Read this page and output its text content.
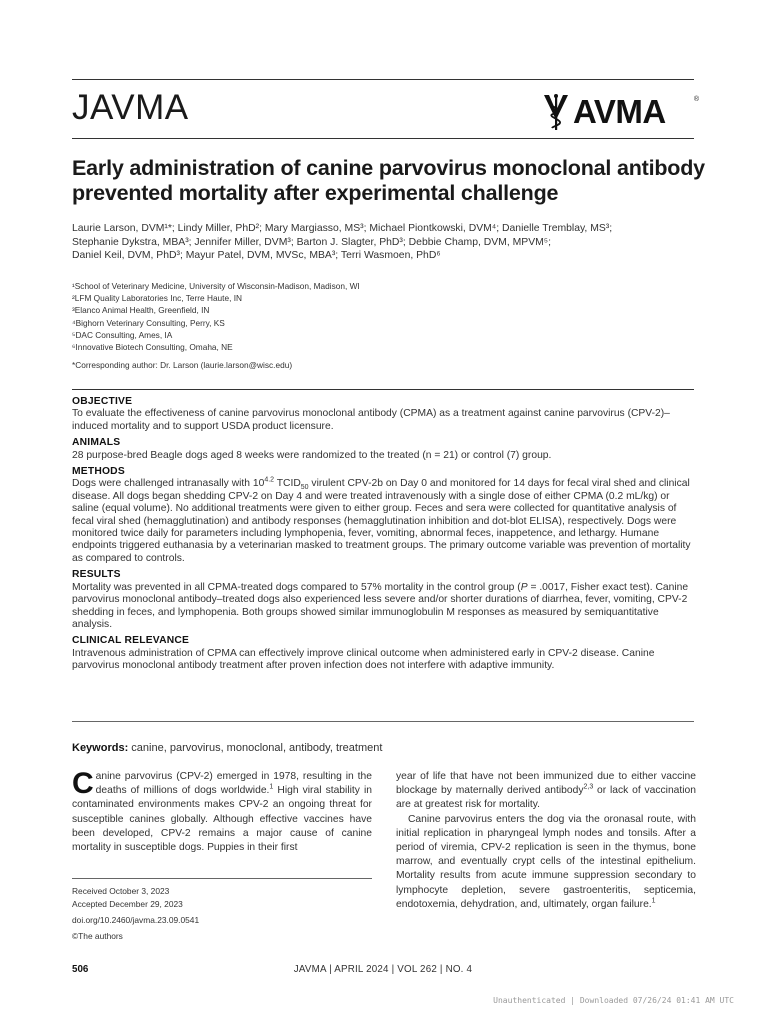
JAVMA	AVMA	®
Early administration of canine parvovirus monoclonal antibody prevented mortality after experimental challenge
Laurie Larson, DVM¹*; Lindy Miller, PhD²; Mary Margiasso, MS³; Michael Piontkowski, DVM⁴; Danielle Tremblay, MS³;
Stephanie Dykstra, MBA³; Jennifer Miller, DVM³; Barton J. Slagter, PhD³; Debbie Champ, DVM, MPVM⁵;
Daniel Keil, DVM, PhD³; Mayur Patel, DVM, MVSc, MBA³; Terri Wasmoen, PhD⁶
¹School of Veterinary Medicine, University of Wisconsin-Madison, Madison, WI
²LFM Quality Laboratories Inc, Terre Haute, IN
³Elanco Animal Health, Greenfield, IN
⁴Bighorn Veterinary Consulting, Perry, KS
⁵DAC Consulting, Ames, IA
⁶Innovative Biotech Consulting, Omaha, NE
*Corresponding author: Dr. Larson (laurie.larson@wisc.edu)
OBJECTIVE

To evaluate the effectiveness of canine parvovirus monoclonal antibody (CPMA) as a treatment against canine parvovirus (CPV-2)–induced mortality and to support USDA product licensure.

ANIMALS

28 purpose-bred Beagle dogs aged 8 weeks were randomized to the treated (n = 21) or control (7) group.

METHODS

Dogs were challenged intranasally with $10^{4.2}$ $TCID_{50}$ virulent CPV-2b on Day 0 and monitored for 14 days for fecal viral shed and clinical disease. All dogs began shedding CPV-2 on Day 4 and were treated intravenously with a single dose of either CPMA (0.2 mL/kg) or saline (equal volume). No additional treatments were given to either group. Feces and sera were collected for quantitative analysis of fecal viral shed (hemagglutination) and antibody responses (hemagglutination inhibition and dot-blot ELISA), respectively. Dogs were monitored twice daily for parameters including lymphopenia, fever, vomiting, abnormal feces, inappetence, and lethargy. Humane endpoints triggered euthanasia by a veterinarian masked to treatment groups. The primary outcome variable was prevention of mortality as compared to controls.

RESULTS

Mortality was prevented in all CPMA-treated dogs compared to 57% mortality in the control group (P = .0017, Fisher exact test). Canine parvovirus monoclonal antibody–treated dogs also experienced less severe and/or shorter durations of diarrhea, fever, vomiting, CPV-2 shedding in feces, and lymphopenia. Both groups showed similar immunoglobulin M responses as measured by semiquantitative analysis.

CLINICAL RELEVANCE

Intravenous administration of CPMA can effectively improve clinical outcome when administered early in CPV-2 disease. Canine parvovirus monoclonal antibody treatment after proven infection does not interfere with adaptive immunity.

Keywords: canine, parvovirus, monoclonal, antibody, treatment

Canine parvovirus (CPV-2) emerged in 1978, resulting in the deaths of millions of dogs worldwide.$^1$ High viral stability in contaminated environments makes CPV-2 an ongoing threat for susceptible canines globally. Although effective vaccines have been developed, CPV-2 remains a major cause of canine mortality in susceptible dogs. Puppies in their first

Received October 3, 2023
Accepted December 29, 2023
doi.org/10.2460/javma.23.09.0541
©The authors

year of life that have not been immunized due to either vaccine blockage by maternally derived antibody$^{2,3}$ or lack of vaccination are at greatest risk for mortality.

Canine parvovirus enters the dog via the oronasal route, with initial replication in pharyngeal lymph nodes and tonsils. After a period of viremia, CPV-2 replication is seen in the thymus, bone marrow, and eventually crypt cells of the intestinal epithelium. Mortality results from acute immune suppression secondary to lymphocyte depletion, severe gastroenteritis, septicemia, endotoxemia, dehydration, and, ultimately, organ failure.$^1$

506	JAVMA | APRIL 2024 | VOL 262 | NO. 4
Unauthenticated | Downloaded 07/26/24 01:41 AM UTC
